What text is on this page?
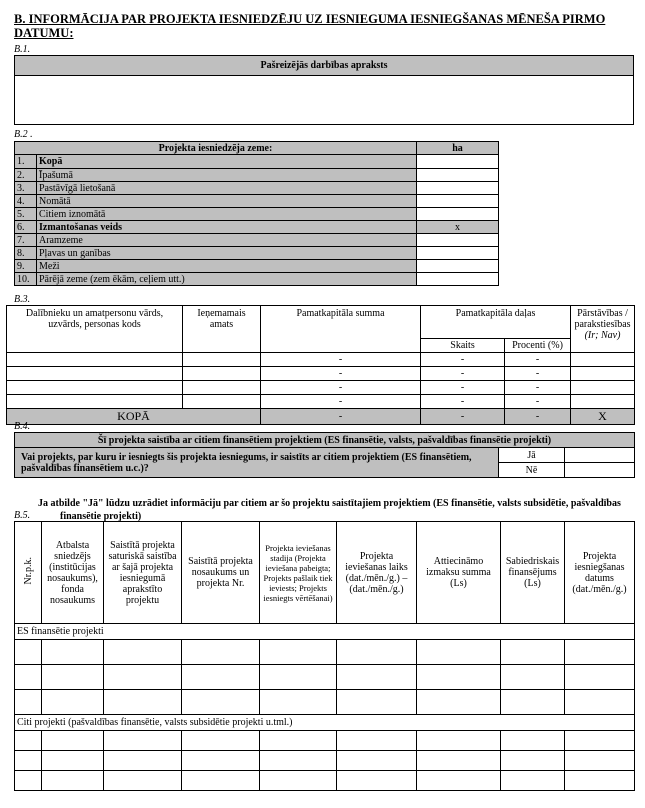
B. INFORMĀCIJA PAR PROJEKTA IESNIEDZĒJU UZ IESNIEGUMA IESNIEGŠANAS MĒNEŠA PIRMO
DATUMU:
B.1.
Pašreizējās darbības apraksts

B.2 .
Projekta iesniedzēja zeme:		ha
1.	Kopā	
2.	Īpašumā	
3.	Pastāvīgā lietošanā	
4.	Nomātā	
5.	Citiem iznomātā	
6.	Izmantošanas veids	x
7.	Aramzeme	
8.	Pļavas un ganības	
9.	Meži	
10.	Pārējā zeme (zem ēkām, ceļiem utt.)	
B.3.
Dalībnieku un amatpersonu vārds, uzvārds, personas kods	Ieņemamais amats	Pamatkapitāla summa	Pamatkapitāla daļas		Pārstāvības / parakstiesības
(Ir; Nav)

			Skaits	Procenti (%)	
		-	-	-	
		-	-	-	
		-	-	-	
		-	-	-	
KOPĀ		-	-	-	X
B.4.
Šī projekta saistība ar citiem finansētiem projektiem (ES finansētie, valsts, pašvaldības finansētie projekti)		
Vai projekts, par kuru ir iesniegts šis projekta iesniegums, ir saistīts ar citiem projektiem (ES finansētiem, pašvaldības finansētiem u.c.)?	Jā	
	Nē	
Ja atbilde "Jā" lūdzu uzrādiet informāciju par citiem ar šo projektu saistītajiem projektiem (ES finansētie, valsts subsidētie, pašvaldības finansētie projekti)
B.5.
Nr.p.k.	Atbalsta sniedzējs (institūcijas nosaukums), fonda nosaukums	Saistītā projekta saturiskā saistība ar šajā projekta iesniegumā aprakstīto projektu	Saistītā projekta nosaukums un projekta Nr.	Projekta ieviešanas stadija (Projekta ieviešana pabeigta; Projekts pašlaik tiek ieviests; Projekts iesniegts vērtēšanai)	Projekta ieviešanas laiks (dat./mēn./g.) – (dat./mēn./g.)	Attiecināmo izmaksu summa (Ls)	Sabiedriskais finansējums (Ls)	Projekta iesniegšanas datums (dat./mēn./g.)
ES finansētie projekti								

Citi projekti (pašvaldības finansētie, valsts subsidētie projekti u.tml.)								
